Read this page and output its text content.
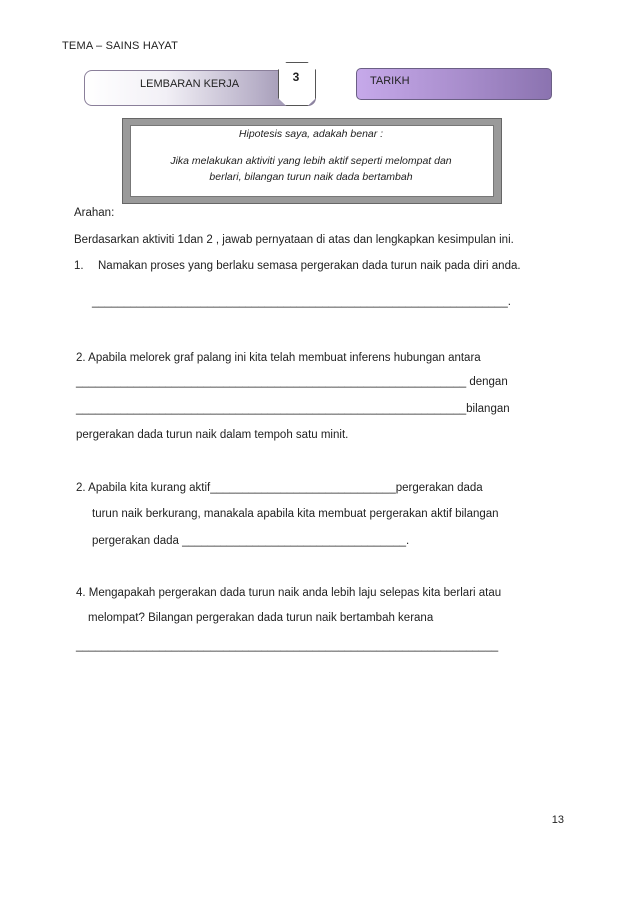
TEMA – SAINS HAYAT
LEMBARAN KERJA	3	TARIKH
Hipotesis saya, adakah benar :
Jika melakukan aktiviti yang lebih aktif seperti melompat dan
berlari, bilangan turun naik dada bertambah
Arahan:
Berdasarkan aktiviti 1dan 2 , jawab pernyataan di atas dan lengkapkan kesimpulan ini.
1. Namakan proses yang berlaku semasa pergerakan dada turun naik pada diri anda.
_________________________________________________________________.
2. Apabila melorek graf palang ini kita telah membuat inferens hubungan antara
_____________________________________________________________ dengan
_____________________________________________________________bilangan
pergerakan dada turun naik dalam tempoh satu minit.
2. Apabila kita kurang aktif_____________________________pergerakan dada
turun naik berkurang, manakala apabila kita membuat pergerakan aktif bilangan
pergerakan dada ___________________________________.
4. Mengapakah pergerakan dada turun naik anda lebih laju selepas kita berlari atau
melompat? Bilangan pergerakan dada turun naik bertambah kerana
__________________________________________________________________
13
